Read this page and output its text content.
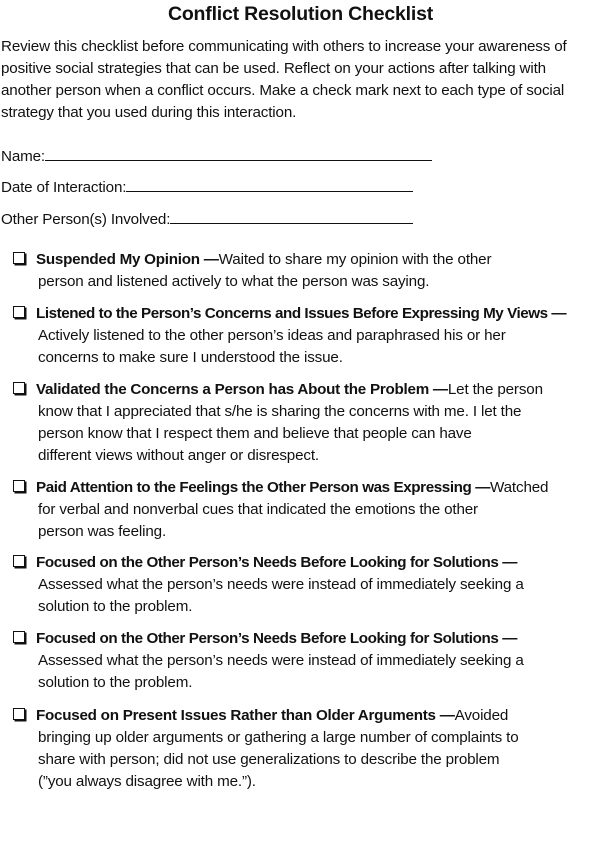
Conflict Resolution Checklist

Review this checklist before communicating with others to increase your awareness of positive social strategies that can be used. Reflect on your actions after talking with another person when a conflict occurs. Make a check mark next to each type of social strategy that you used during this interaction.

Name:
Date of Interaction:
Other Person(s) Involved:
Suspended My Opinion — Waited to share my opinion with the other
person and listened actively to what the person was saying.
Listened to the Person’s Concerns and Issues Before Expressing My Views —
Actively listened to the other person’s ideas and paraphrased his or her
concerns to make sure I understood the issue.
Validated the Concerns a Person has About the Problem — Let the person
know that I appreciated that s/he is sharing the concerns with me. I let the
person know that I respect them and believe that people can have
different views without anger or disrespect.
Paid Attention to the Feelings the Other Person was Expressing — Watched
for verbal and nonverbal cues that indicated the emotions the other
person was feeling.
Focused on the Other Person’s Needs Before Looking for Solutions —
Assessed what the person’s needs were instead of immediately seeking a
solution to the problem.
Focused on the Other Person’s Needs Before Looking for Solutions —
Assessed what the person’s needs were instead of immediately seeking a
solution to the problem.
Focused on Present Issues Rather than Older Arguments — Avoided
bringing up older arguments or gathering a large number of complaints to
share with person; did not use generalizations to describe the problem
(”you always disagree with me.”).
